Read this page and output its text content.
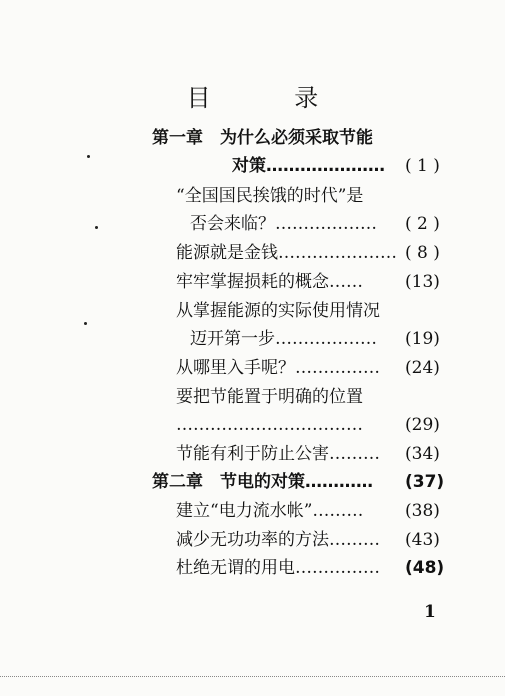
目 录
第一章　为什么必须采取节能
对策………………… ( 1 )
“全国国民挨饿的时代”是
否会来临？……………… ( 2 )
能源就是金钱………………… ( 8 )
牢牢掌握损耗的概念…… (13)
从掌握能源的实际使用情况
迈开第一步……………… (19)
从哪里入手呢？…………… (24)
要把节能置于明确的位置
…………………………… (29)
节能有利于防止公害……… (34)
第二章　节电的对策………… (37)
建立“电力流水帐”……… (38)
减少无功功率的方法……… (43)
杜绝无谓的用电…………… (48)
1
